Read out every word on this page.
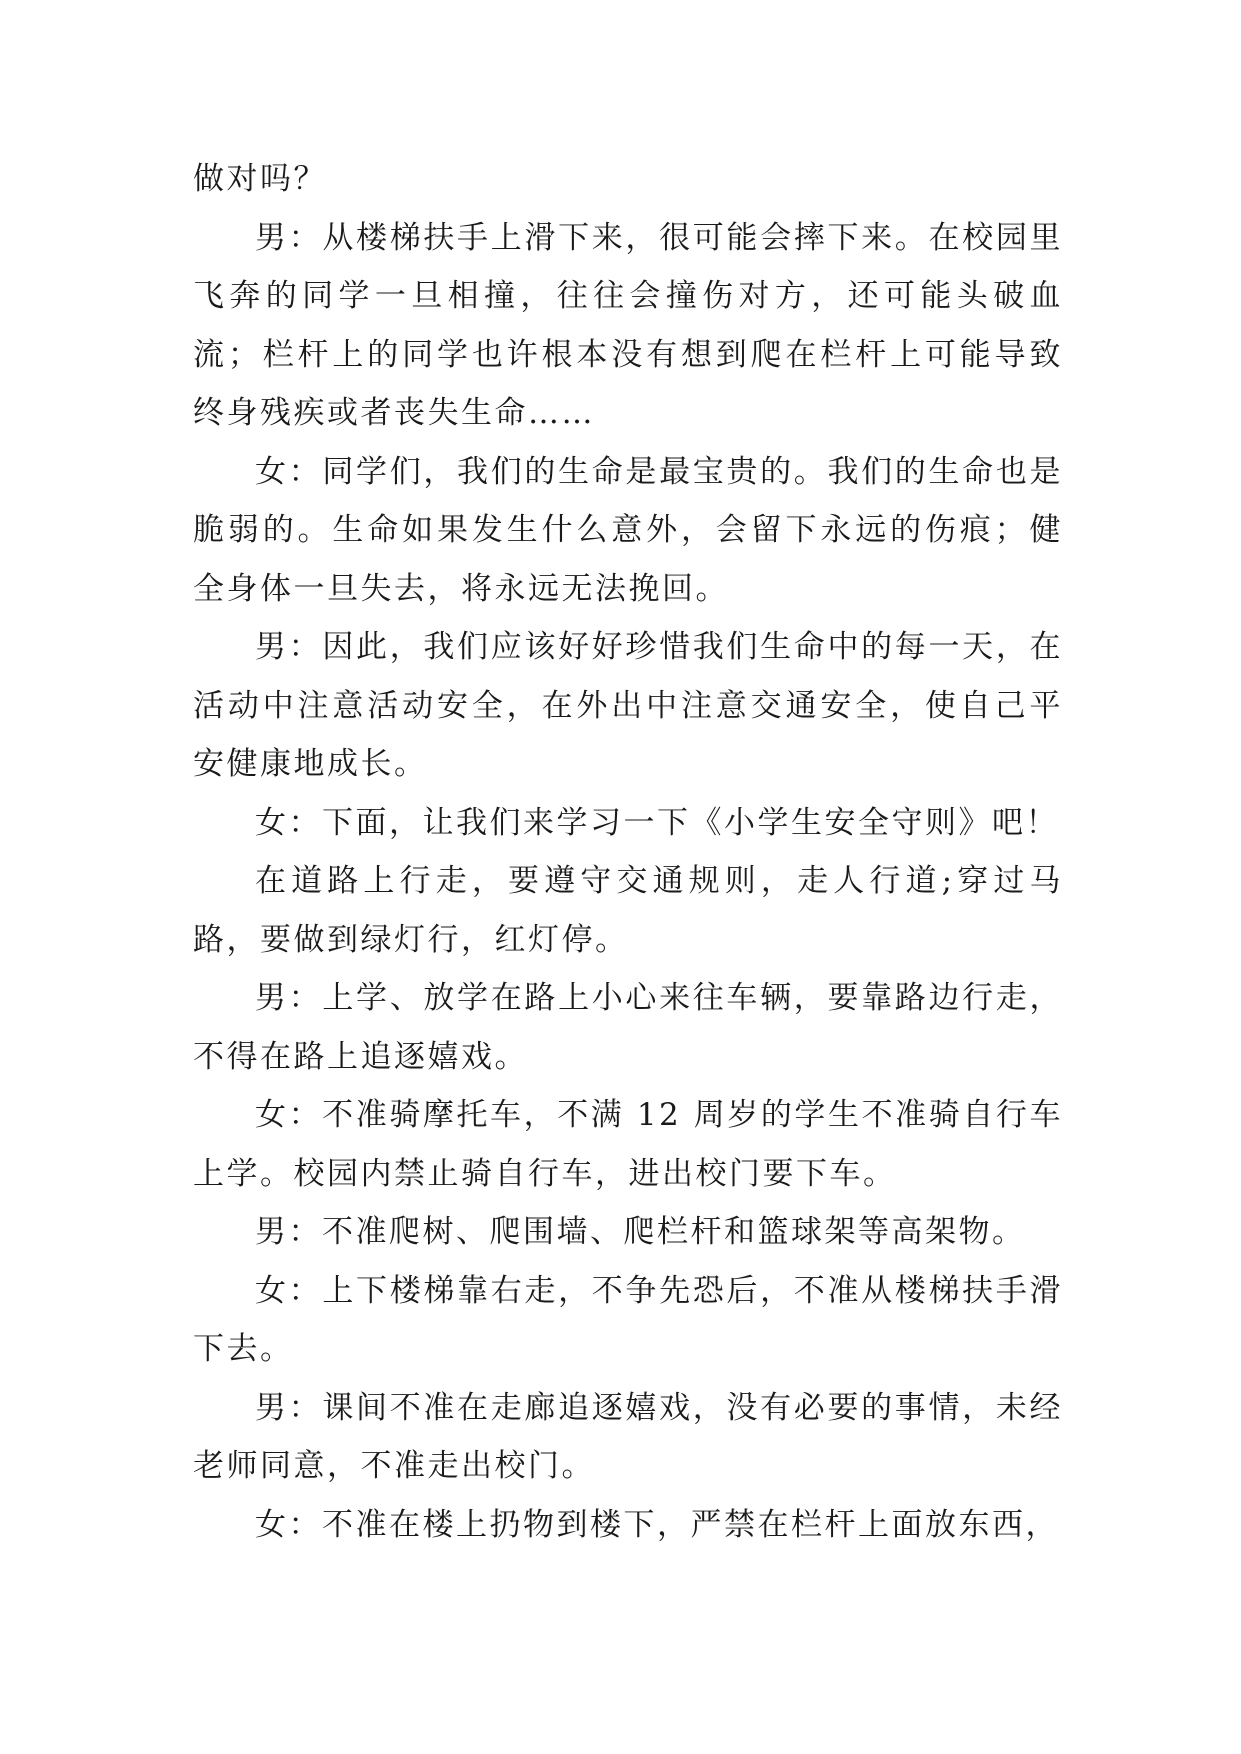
做对吗？

男：从楼梯扶手上滑下来，很可能会摔下来。在校园里飞奔的同学一旦相撞，往往会撞伤对方，还可能头破血流；栏杆上的同学也许根本没有想到爬在栏杆上可能导致终身残疾或者丧失生命……

女：同学们，我们的生命是最宝贵的。我们的生命也是脆弱的。生命如果发生什么意外，会留下永远的伤痕；健全身体一旦失去，将永远无法挽回。

男：因此，我们应该好好珍惜我们生命中的每一天，在活动中注意活动安全，在外出中注意交通安全，使自己平安健康地成长。

女：下面，让我们来学习一下《小学生安全守则》吧！

在道路上行走，要遵守交通规则，走人行道;穿过马路，要做到绿灯行，红灯停。

男：上学、放学在路上小心来往车辆，要靠路边行走，不得在路上追逐嬉戏。

女：不准骑摩托车，不满 12 周岁的学生不准骑自行车上学。校园内禁止骑自行车，进出校门要下车。

男：不准爬树、爬围墙、爬栏杆和篮球架等高架物。

女：上下楼梯靠右走，不争先恐后，不准从楼梯扶手滑下去。

男：课间不准在走廊追逐嬉戏，没有必要的事情，未经老师同意，不准走出校门。

女：不准在楼上扔物到楼下，严禁在栏杆上面放东西，
